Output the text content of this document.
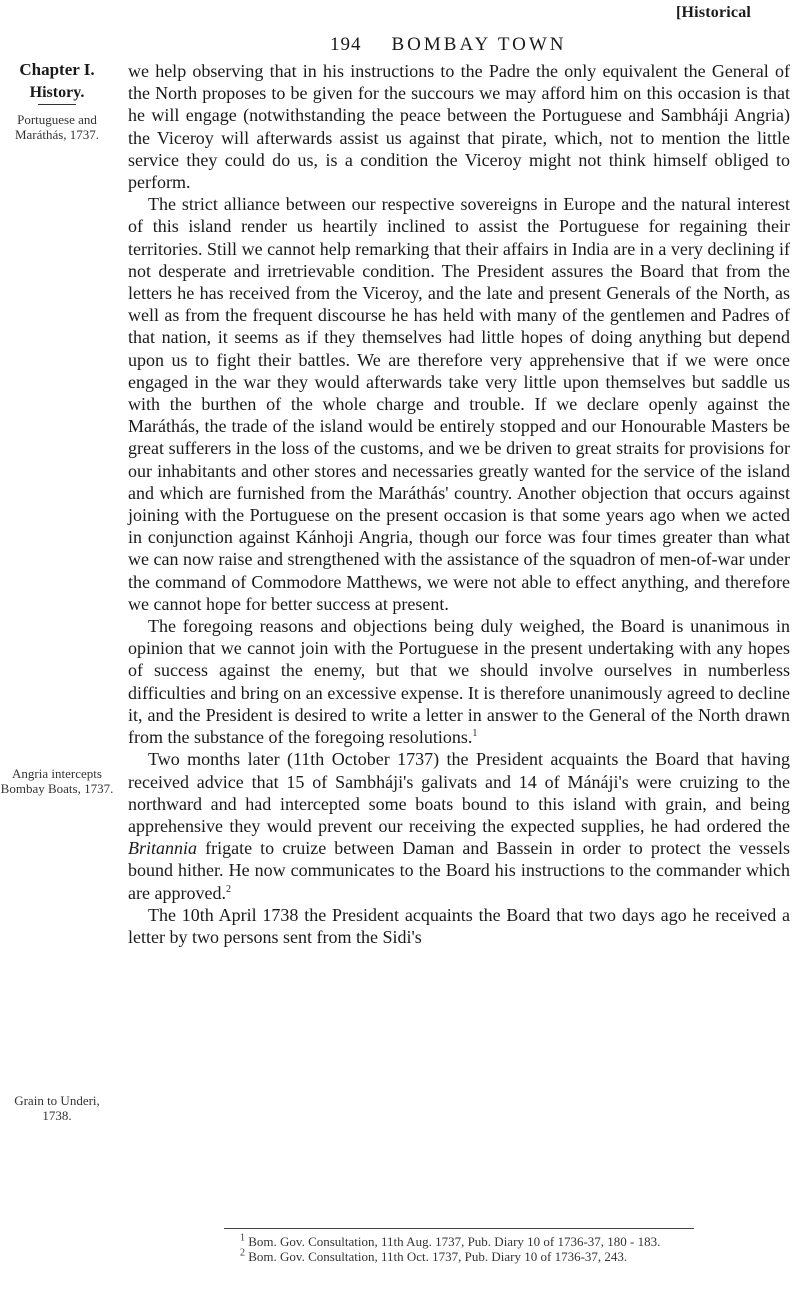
[Historical
194 BOMBAY TOWN
Chapter I.
History.
Portuguese and Maráthás, 1737.
Angria intercepts Bombay Boats, 1737.
Grain to Underi, 1738.

we help observing that in his instructions to the Padre the only equivalent the General of the North proposes to be given for the succours we may afford him on this occasion is that he will engage (notwithstanding the peace between the Portuguese and Sambháji Angria) the Viceroy will afterwards assist us against that pirate, which, not to mention the little service they could do us, is a condition the Viceroy might not think himself obliged to perform.

The strict alliance between our respective sovereigns in Europe and the natural interest of this island render us heartily inclined to assist the Portuguese for regaining their territories. Still we cannot help remarking that their affairs in India are in a very declining if not desperate and irretrievable condition. The President assures the Board that from the letters he has received from the Viceroy, and the late and present Generals of the North, as well as from the frequent discourse he has held with many of the gentlemen and Padres of that nation, it seems as if they themselves had little hopes of doing anything but depend upon us to fight their battles. We are therefore very apprehensive that if we were once engaged in the war they would afterwards take very little upon themselves but saddle us with the burthen of the whole charge and trouble. If we declare openly against the Maráthás, the trade of the island would be entirely stopped and our Honourable Masters be great sufferers in the loss of the customs, and we be driven to great straits for provisions for our inhabitants and other stores and necessaries greatly wanted for the service of the island and which are furnished from the Maráthás' country. Another objection that occurs against joining with the Portuguese on the present occasion is that some years ago when we acted in conjunction against Kánhoji Angria, though our force was four times greater than what we can now raise and strengthened with the assistance of the squadron of men-of-war under the command of Commodore Matthews, we were not able to effect anything, and therefore we cannot hope for better success at present.

The foregoing reasons and objections being duly weighed, the Board is unanimous in opinion that we cannot join with the Portuguese in the present undertaking with any hopes of success against the enemy, but that we should involve ourselves in numberless difficulties and bring on an excessive expense. It is therefore unanimously agreed to decline it, and the President is desired to write a letter in answer to the General of the North drawn from the substance of the foregoing resolutions.$^1$

Two months later (11th October 1737) the President acquaints the Board that having received advice that 15 of Sambháji's galivats and 14 of Mánáji's were cruizing to the northward and had intercepted some boats bound to this island with grain, and being apprehensive they would prevent our receiving the expected supplies, he had ordered the Britannia frigate to cruize between Daman and Bassein in order to protect the vessels bound hither. He now communicates to the Board his instructions to the commander which are approved.$^2$

The 10th April 1738 the President acquaints the Board that two days ago he received a letter by two persons sent from the Sidi's

$^1$ Bom. Gov. Consultation, 11th Aug. 1737, Pub. Diary 10 of 1736-37, 180 - 183.
$^2$ Bom. Gov. Consultation, 11th Oct. 1737, Pub. Diary 10 of 1736-37, 243.
